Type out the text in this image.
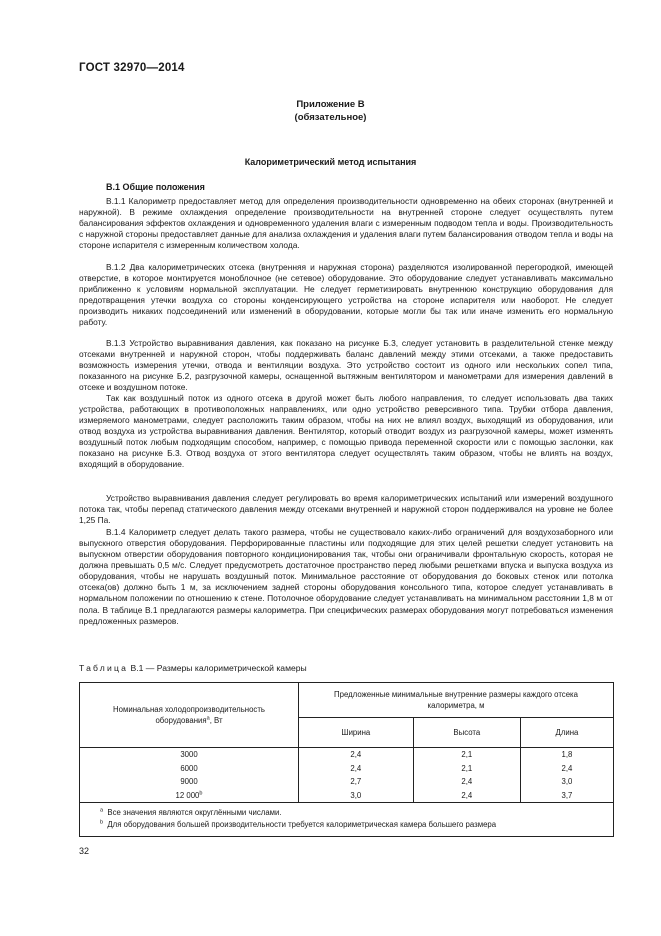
ГОСТ 32970—2014
Приложение В
(обязательное)
Калориметрический метод испытания
В.1 Общие положения

В.1.1 Калориметр предоставляет метод для определения производительности одновременно на обеих сторонах (внутренней и наружной). В режиме охлаждения определение производительности на внутренней стороне следует осуществлять путем балансирования эффектов охлаждения и одновременного удаления влаги с измеренным подводом тепла и воды. Производительность с наружной стороны предоставляет данные для анализа охлаждения и удаления влаги путем балансирования отводом тепла и воды на стороне испарителя с измеренным количеством холода.

В.1.2 Два калориметрических отсека (внутренняя и наружная сторона) разделяются изолированной перегородкой, имеющей отверстие, в которое монтируется моноблочное (не сетевое) оборудование. Это оборудование следует устанавливать максимально приближенно к условиям нормальной эксплуатации. Не следует герметизировать внутреннюю конструкцию оборудования для предотвращения утечки воздуха со стороны конденсирующего устройства на стороне испарителя или наоборот. Не следует производить никаких подсоединений или изменений в оборудовании, которые могли бы так или иначе изменить его нормальную работу.

В.1.3 Устройство выравнивания давления, как показано на рисунке Б.3, следует установить в разделительной стенке между отсеками внутренней и наружной сторон, чтобы поддерживать баланс давлений между этими отсеками, а также предоставить возможность измерения утечки, отвода и вентиляции воздуха. Это устройство состоит из одного или нескольких сопел типа, показанного на рисунке Б.2, разгрузочной камеры, оснащенной вытяжным вентилятором и манометрами для измерения давлений в отсеке и воздушном потоке.

Так как воздушный поток из одного отсека в другой может быть любого направления, то следует использовать два таких устройства, работающих в противоположных направлениях, или одно устройство реверсивного типа. Трубки отбора давления, измеряемого манометрами, следует расположить таким образом, чтобы на них не влиял воздух, выходящий из оборудования, или отвод воздуха из устройства выравнивания давления. Вентилятор, который отводит воздух из разгрузочной камеры, может изменять воздушный поток любым подходящим способом, например, с помощью привода переменной скорости или с помощью заслонки, как показано на рисунке Б.3. Отвод воздуха от этого вентилятора следует осуществлять таким образом, чтобы не влиять на воздух, входящий в оборудование.

Устройство выравнивания давления следует регулировать во время калориметрических испытаний или измерений воздушного потока так, чтобы перепад статического давления между отсеками внутренней и наружной сторон поддерживался на уровне не более 1,25 Па.

В.1.4 Калориметр следует делать такого размера, чтобы не существовало каких-либо ограничений для воздухозаборного или выпускного отверстия оборудования. Перфорированные пластины или подходящие для этих целей решетки следует установить на выпускном отверстии оборудования повторного кондиционирования так, чтобы они ограничивали фронтальную скорость, которая не должна превышать 0,5 м/с. Следует предусмотреть достаточное пространство перед любыми решетками впуска и выпуска воздуха из оборудования, чтобы не нарушать воздушный поток. Минимальное расстояние от оборудования до боковых стенок или потолка отсека(ов) должно быть 1 м, за исключением задней стороны оборудования консольного типа, которое следует устанавливать в нормальном положении по отношению к стене. Потолочное оборудование следует устанавливать на минимальном расстоянии 1,8 м от пола. В таблице В.1 предлагаются размеры калориметра. При специфических размерах оборудования могут потребоваться изменения предложенных размеров.

Таблица В.1 — Размеры калориметрической камеры
Номинальная холодопроизводительность оборудования$^a$, Вт	Предложенные минимальные внутренние размеры каждого отсека калориметра, м		
	Ширина	Высота	Длина
3000	2,4	2,1	1,8
6000	2,4	2,1	2,4
9000	2,7	2,4	3,0
12 000$^b$	3,0	2,4	3,7

$^a$ Все значения являются округлёнными числами.
$^b$ Для оборудования большей производительности требуется калориметрическая камера большего размера			
32
